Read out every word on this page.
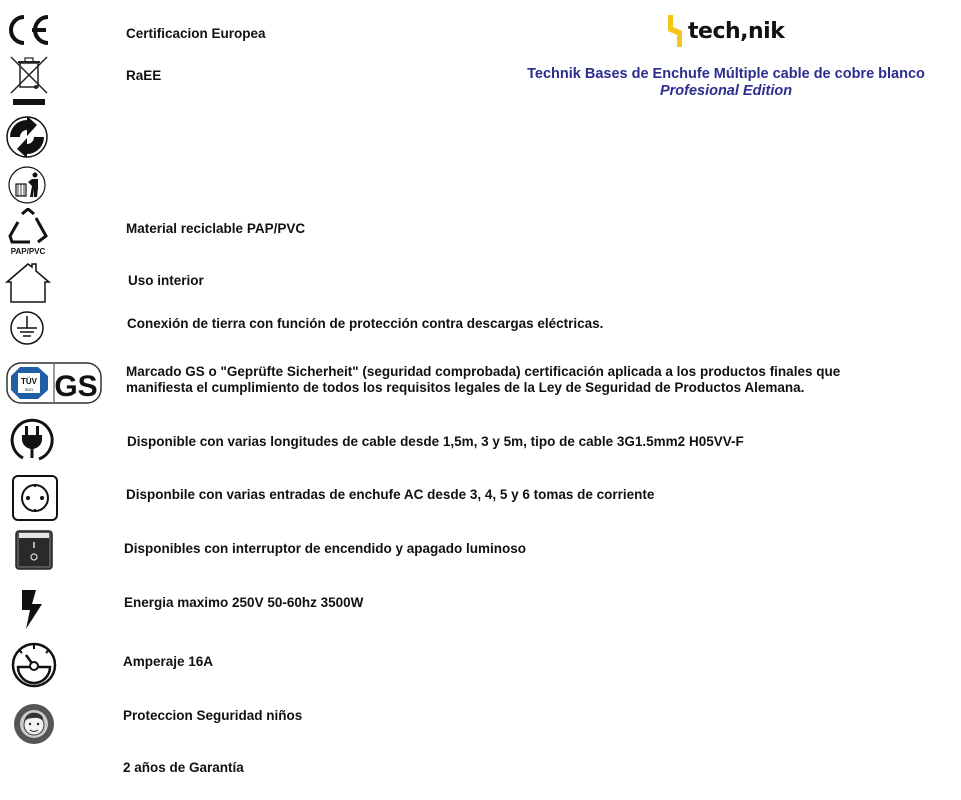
tech,nik
Technik Bases de Enchufe Múltiple cable de cobre blanco
Profesional Edition
Certificacion Europea
RaEE
PAP/PVC
Material reciclable PAP/PVC
Uso interior
Conexión de tierra con función de protección contra descargas eléctricas.
TÜV
SÜD GS Marcado GS o "Geprüfte Sicherheit" (seguridad comprobada) certificación aplicada a los productos finales que manifiesta el cumplimiento de todos los requisitos legales de la Ley de Seguridad de Productos Alemana.
Disponible con varias longitudes de cable desde 1,5m, 3 y 5m, tipo de cable 3G1.5mm2 H05VV-F
Disponbile con varias entradas de enchufe AC desde 3, 4, 5 y 6 tomas de corriente
Disponibles con interruptor de encendido y apagado luminoso
Energia maximo 250V 50-60hz 3500W
Amperaje 16A
Proteccion Seguridad niños
2 años de Garantía
